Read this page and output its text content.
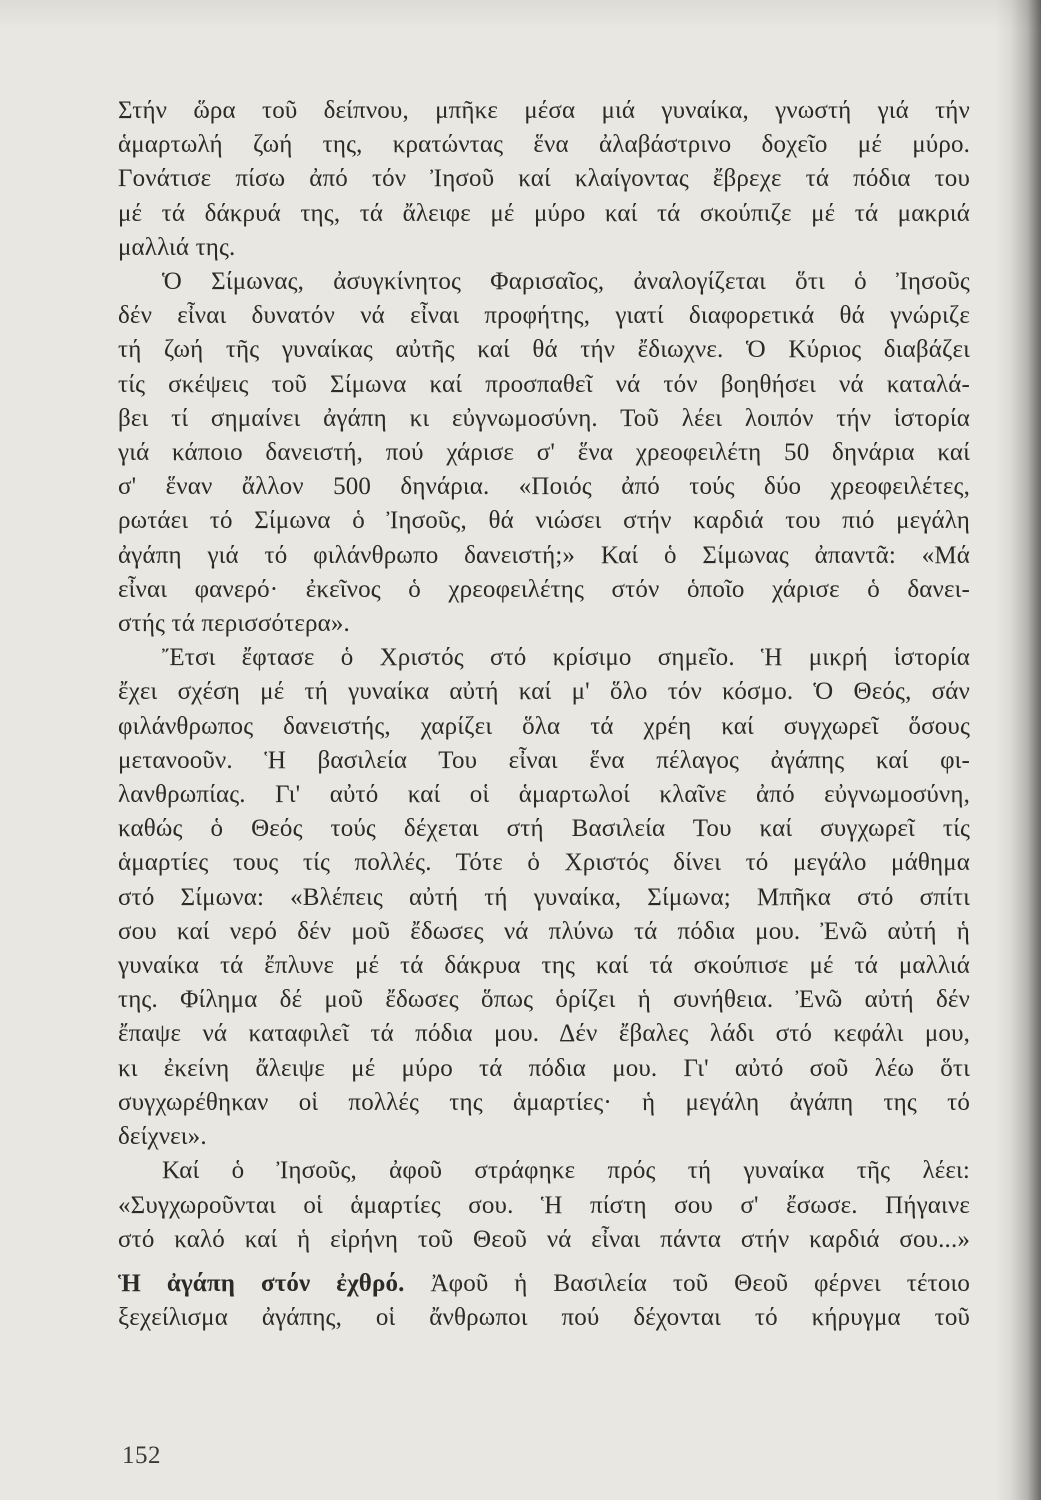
Στήν ὥρα τοῦ δείπνου, μπῆκε μέσα μιά γυναίκα, γνωστή γιά τήν
ἁμαρτωλή ζωή της, κρατώντας ἕνα ἀλαβάστρινο δοχεῖο μέ μύρο.
Γονάτισε πίσω ἀπό τόν Ἰησοῦ καί κλαίγοντας ἔβρεχε τά πόδια του
μέ τά δάκρυά της, τά ἄλειφε μέ μύρο καί τά σκούπιζε μέ τά μακριά
μαλλιά της.
Ὁ Σίμωνας, ἀσυγκίνητος Φαρισαῖος, ἀναλογίζεται ὅτι ὁ Ἰησοῦς
δέν εἶναι δυνατόν νά εἶναι προφήτης, γιατί διαφορετικά θά γνώριζε
τή ζωή τῆς γυναίκας αὐτῆς καί θά τήν ἔδιωχνε. Ὁ Κύριος διαβάζει
τίς σκέψεις τοῦ Σίμωνα καί προσπαθεῖ νά τόν βοηθήσει νά καταλά-
βει τί σημαίνει ἀγάπη κι εὐγνωμοσύνη. Τοῦ λέει λοιπόν τήν ἱστορία
γιά κάποιο δανειστή, πού χάρισε σ' ἕνα χρεοφειλέτη 50 δηνάρια καί
σ' ἕναν ἄλλον 500 δηνάρια. «Ποιός ἀπό τούς δύο χρεοφειλέτες,
ρωτάει τό Σίμωνα ὁ Ἰησοῦς, θά νιώσει στήν καρδιά του πιό μεγάλη
ἀγάπη γιά τό φιλάνθρωπο δανειστή;» Καί ὁ Σίμωνας ἀπαντᾶ: «Μά
εἶναι φανερό· ἐκεῖνος ὁ χρεοφειλέτης στόν ὁποῖο χάρισε ὁ δανει-
στής τά περισσότερα».
Ἔτσι ἔφτασε ὁ Χριστός στό κρίσιμο σημεῖο. Ἡ μικρή ἱστορία
ἔχει σχέση μέ τή γυναίκα αὐτή καί μ' ὅλο τόν κόσμο. Ὁ Θεός, σάν
φιλάνθρωπος δανειστής, χαρίζει ὅλα τά χρέη καί συγχωρεῖ ὅσους
μετανοοῦν. Ἡ βασιλεία Του εἶναι ἕνα πέλαγος ἀγάπης καί φι-
λανθρωπίας. Γι' αὐτό καί οἱ ἁμαρτωλοί κλαῖνε ἀπό εὐγνωμοσύνη,
καθώς ὁ Θεός τούς δέχεται στή Βασιλεία Του καί συγχωρεῖ τίς
ἁμαρτίες τους τίς πολλές. Τότε ὁ Χριστός δίνει τό μεγάλο μάθημα
στό Σίμωνα: «Βλέπεις αὐτή τή γυναίκα, Σίμωνα; Μπῆκα στό σπίτι
σου καί νερό δέν μοῦ ἔδωσες νά πλύνω τά πόδια μου. Ἐνῶ αὐτή ἡ
γυναίκα τά ἔπλυνε μέ τά δάκρυα της καί τά σκούπισε μέ τά μαλλιά
της. Φίλημα δέ μοῦ ἔδωσες ὅπως ὁρίζει ἡ συνήθεια. Ἐνῶ αὐτή δέν
ἔπαψε νά καταφιλεῖ τά πόδια μου. Δέν ἔβαλες λάδι στό κεφάλι μου,
κι ἐκείνη ἄλειψε μέ μύρο τά πόδια μου. Γι' αὐτό σοῦ λέω ὅτι
συγχωρέθηκαν οἱ πολλές της ἁμαρτίες· ἡ μεγάλη ἀγάπη της τό
δείχνει».
Καί ὁ Ἰησοῦς, ἀφοῦ στράφηκε πρός τή γυναίκα τῆς λέει:
«Συγχωροῦνται οἱ ἁμαρτίες σου. Ἡ πίστη σου σ' ἔσωσε. Πήγαινε
στό καλό καί ἡ εἰρήνη τοῦ Θεοῦ νά εἶναι πάντα στήν καρδιά σου...»
Ἡ ἀγάπη στόν ἐχθρό. Ἀφοῦ ἡ Βασιλεία τοῦ Θεοῦ φέρνει τέτοιο
ξεχείλισμα ἀγάπης, οἱ ἄνθρωποι πού δέχονται τό κήρυγμα τοῦ
152
